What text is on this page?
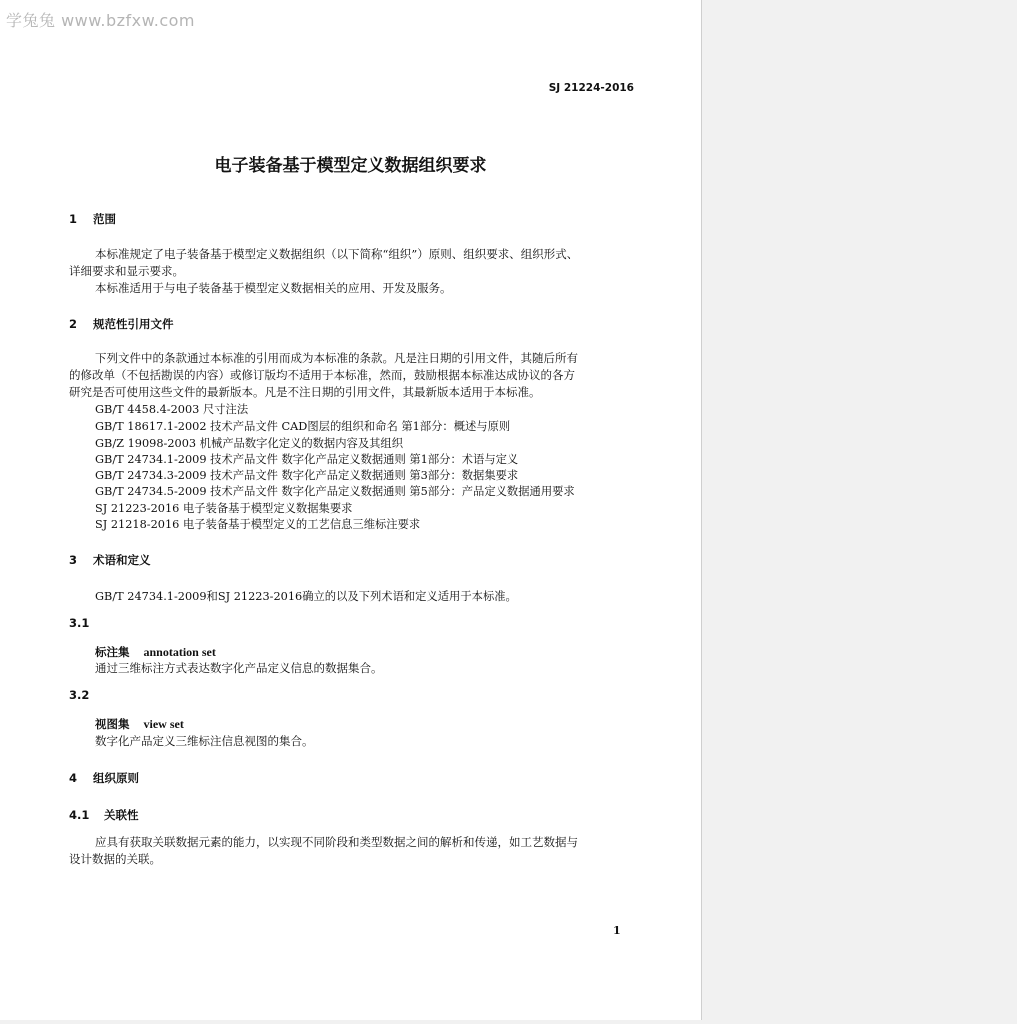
学兔兔 www.bzfxw.com
SJ 21224-2016
电子装备基于模型定义数据组织要求
1 范围
本标准规定了电子装备基于模型定义数据组织（以下简称“组织”）原则、组织要求、组织形式、
详细要求和显示要求。
本标准适用于与电子装备基于模型定义数据相关的应用、开发及服务。
2 规范性引用文件
下列文件中的条款通过本标准的引用而成为本标准的条款。凡是注日期的引用文件，其随后所有
的修改单（不包括勘误的内容）或修订版均不适用于本标准，然而，鼓励根据本标准达成协议的各方
研究是否可使用这些文件的最新版本。凡是不注日期的引用文件，其最新版本适用于本标准。
GB/T 4458.4-2003 尺寸注法
GB/T 18617.1-2002 技术产品文件 CAD图层的组织和命名 第1部分：概述与原则
GB/Z 19098-2003 机械产品数字化定义的数据内容及其组织
GB/T 24734.1-2009 技术产品文件 数字化产品定义数据通则 第1部分：术语与定义
GB/T 24734.3-2009 技术产品文件 数字化产品定义数据通则 第3部分：数据集要求
GB/T 24734.5-2009 技术产品文件 数字化产品定义数据通则 第5部分：产品定义数据通用要求
SJ 21223-2016 电子装备基于模型定义数据集要求
SJ 21218-2016 电子装备基于模型定义的工艺信息三维标注要求
3 术语和定义
GB/T 24734.1-2009和SJ 21223-2016确立的以及下列术语和定义适用于本标准。
3.1
标注集 annotation set
通过三维标注方式表达数字化产品定义信息的数据集合。
3.2
视图集 view set
数字化产品定义三维标注信息视图的集合。
4 组织原则
4.1 关联性
应具有获取关联数据元素的能力，以实现不同阶段和类型数据之间的解析和传递，如工艺数据与
设计数据的关联。
1
